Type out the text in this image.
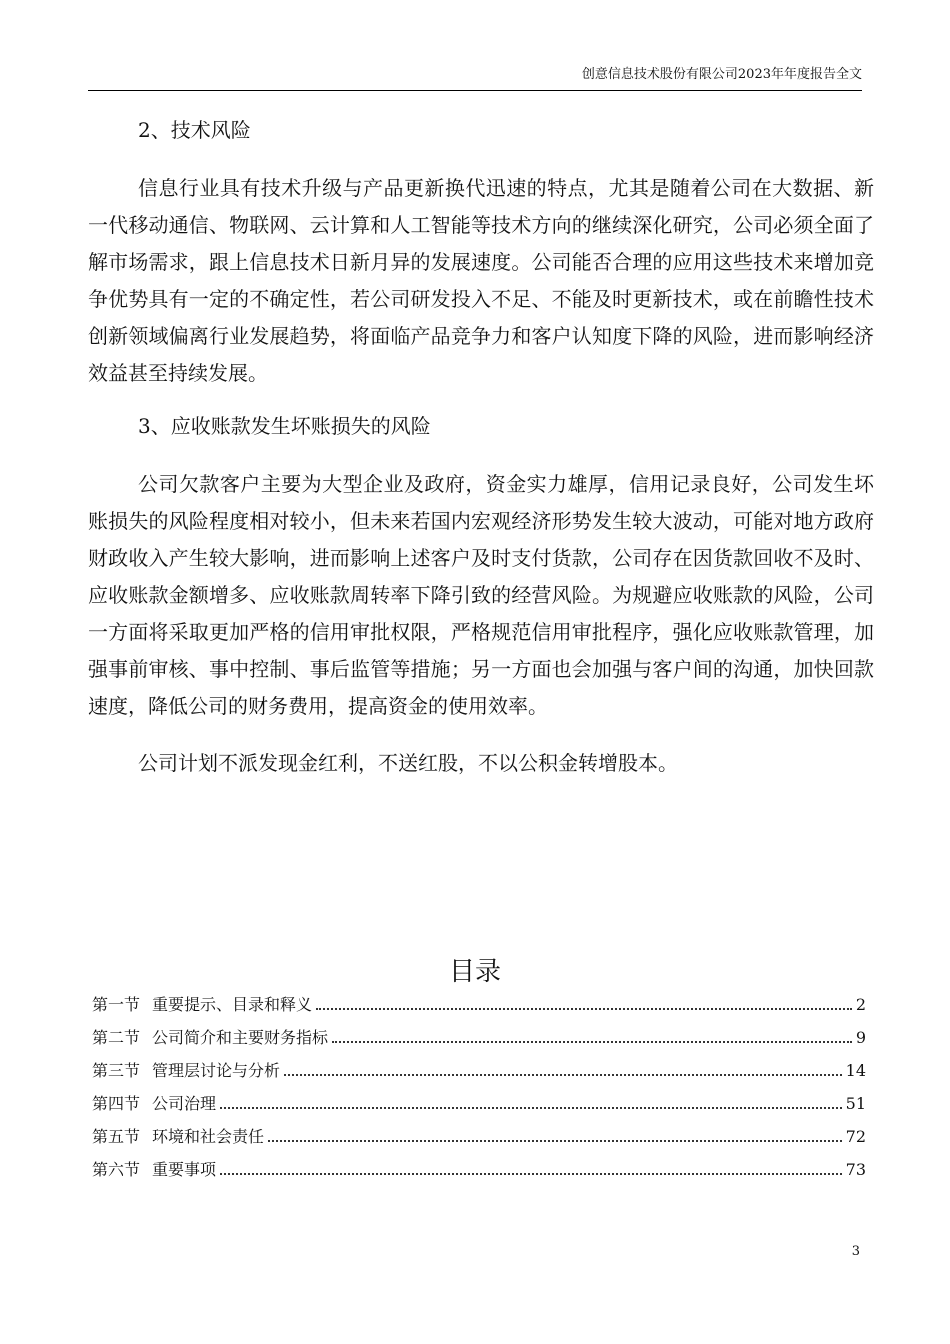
创意信息技术股份有限公司2023年年度报告全文
2、技术风险

信息行业具有技术升级与产品更新换代迅速的特点，尤其是随着公司在大数据、新一代移动通信、物联网、云计算和人工智能等技术方向的继续深化研究，公司必须全面了解市场需求，跟上信息技术日新月异的发展速度。公司能否合理的应用这些技术来增加竞争优势具有一定的不确定性，若公司研发投入不足、不能及时更新技术，或在前瞻性技术创新领域偏离行业发展趋势，将面临产品竞争力和客户认知度下降的风险，进而影响经济效益甚至持续发展。

3、应收账款发生坏账损失的风险

公司欠款客户主要为大型企业及政府，资金实力雄厚，信用记录良好，公司发生坏账损失的风险程度相对较小，但未来若国内宏观经济形势发生较大波动，可能对地方政府财政收入产生较大影响，进而影响上述客户及时支付货款，公司存在因货款回收不及时、应收账款金额增多、应收账款周转率下降引致的经营风险。为规避应收账款的风险，公司一方面将采取更加严格的信用审批权限，严格规范信用审批程序，强化应收账款管理，加强事前审核、事中控制、事后监管等措施；另一方面也会加强与客户间的沟通，加快回款速度，降低公司的财务费用，提高资金的使用效率。

公司计划不派发现金红利，不送红股，不以公积金转增股本。

目录
第一节 重要提示、目录和释义	2
第二节 公司简介和主要财务指标	9
第三节 管理层讨论与分析	14
第四节 公司治理	51
第五节 环境和社会责任	72
第六节 重要事项	73
3
